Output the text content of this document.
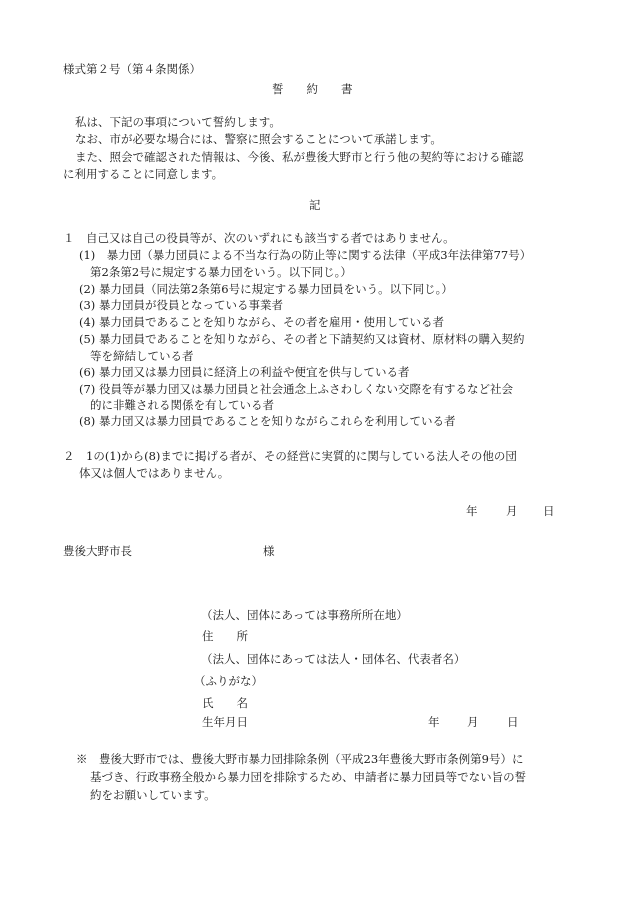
様式第２号（第４条関係）
誓　　約　　書
私は、下記の事項について誓約します。
なお、市が必要な場合には、警察に照会することについて承諾します。
また、照会で確認された情報は、今後、私が豊後大野市と行う他の契約等における確認
に利用することに同意します。
記
１　自己又は自己の役員等が、次のいずれにも該当する者ではありません。
(1)　暴力団（暴力団員による不当な行為の防止等に関する法律（平成3年法律第77号）
第2条第2号に規定する暴力団をいう。以下同じ。）
(2) 暴力団員（同法第2条第6号に規定する暴力団員をいう。以下同じ。）
(3) 暴力団員が役員となっている事業者
(4) 暴力団員であることを知りながら、その者を雇用・使用している者
(5) 暴力団員であることを知りながら、その者と下請契約又は資材、原材料の購入契約
等を締結している者
(6) 暴力団又は暴力団員に経済上の利益や便宜を供与している者
(7) 役員等が暴力団又は暴力団員と社会通念上ふさわしくない交際を有するなど社会
的に非難される関係を有している者
(8) 暴力団又は暴力団員であることを知りながらこれらを利用している者
２　1の(1)から(8)までに掲げる者が、その経営に実質的に関与している法人その他の団
体又は個人ではありません。
年 月 日
豊後大野市長	様
（法人、団体にあっては事務所所在地）
住　　所
（法人、団体にあっては法人・団体名、代表者名）
（ふりがな）
氏　　名
生年月日	年 月 日
※　豊後大野市では、豊後大野市暴力団排除条例（平成23年豊後大野市条例第9号）に
基づき、行政事務全般から暴力団を排除するため、申請者に暴力団員等でない旨の誓
約をお願いしています。
